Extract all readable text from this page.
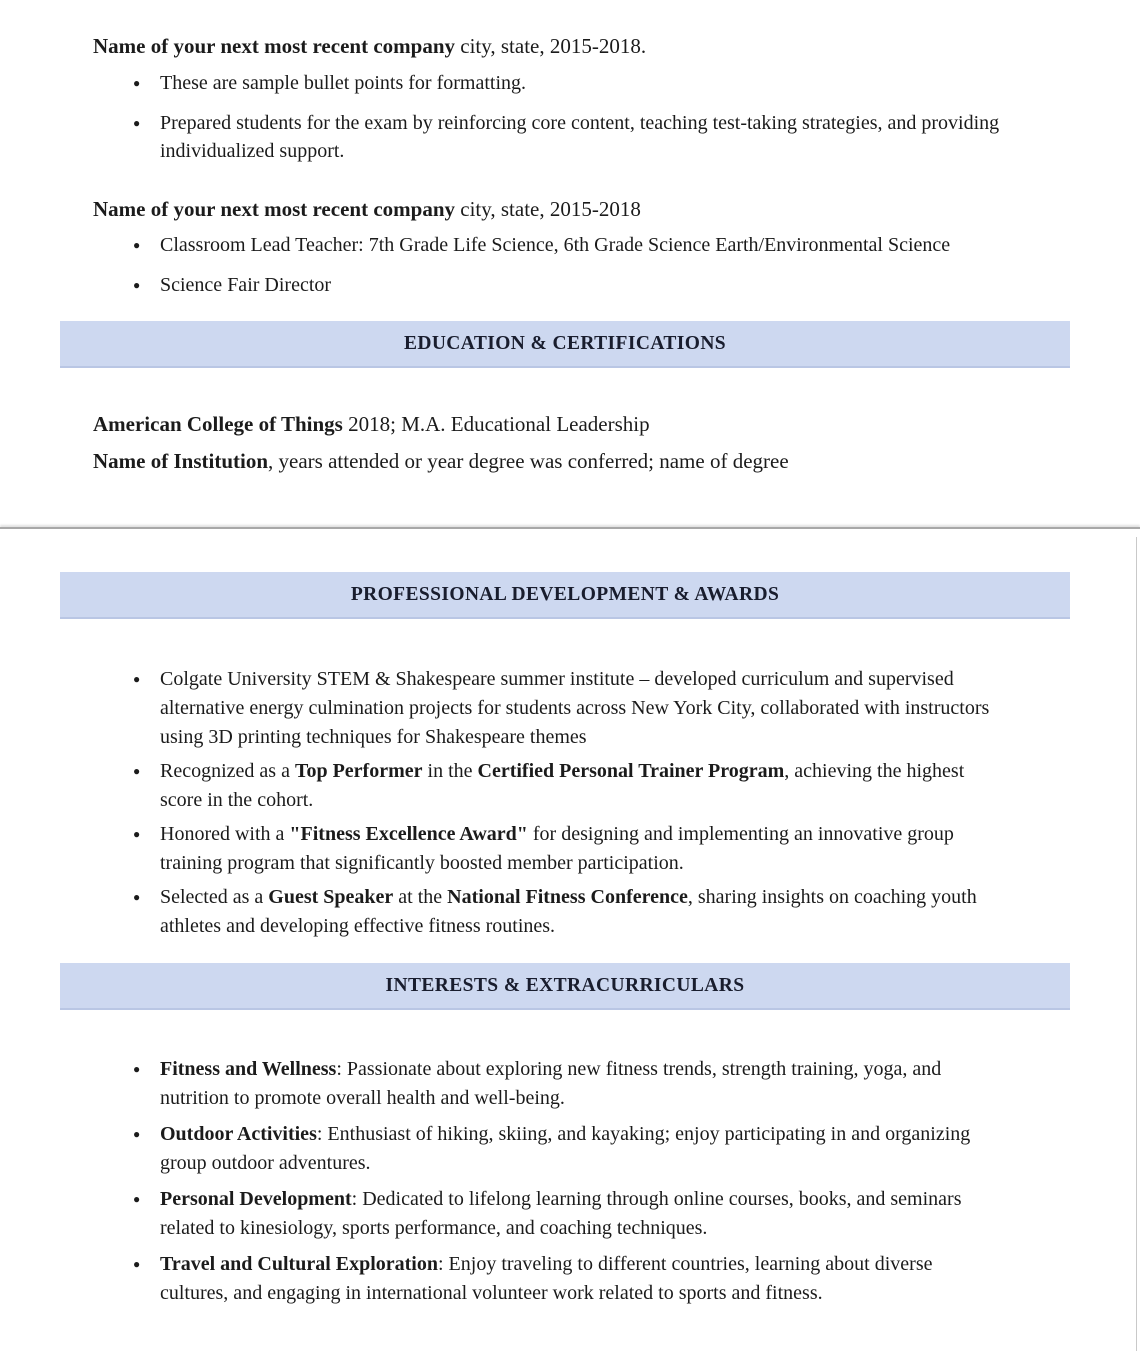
Name of your next most recent company city, state, 2015-2018.

● These are sample bullet points for formatting.
● Prepared students for the exam by reinforcing core content, teaching test-taking strategies, and providing individualized support.

Name of your next most recent company city, state, 2015-2018

● Classroom Lead Teacher: 7th Grade Life Science, 6th Grade Science Earth/Environmental Science
● Science Fair Director
EDUCATION & CERTIFICATIONS

American College of Things 2018; M.A. Educational Leadership

Name of Institution, years attended or year degree was conferred; name of degree

PROFESSIONAL DEVELOPMENT & AWARDS
● Colgate University STEM & Shakespeare summer institute – developed curriculum and supervised alternative energy culmination projects for students across New York City, collaborated with instructors using 3D printing techniques for Shakespeare themes
● Recognized as a Top Performer in the Certified Personal Trainer Program, achieving the highest score in the cohort.
● Honored with a "Fitness Excellence Award" for designing and implementing an innovative group training program that significantly boosted member participation.
● Selected as a Guest Speaker at the National Fitness Conference, sharing insights on coaching youth athletes and developing effective fitness routines.
INTERESTS & EXTRACURRICULARS
● Fitness and Wellness: Passionate about exploring new fitness trends, strength training, yoga, and nutrition to promote overall health and well-being.
● Outdoor Activities: Enthusiast of hiking, skiing, and kayaking; enjoy participating in and organizing group outdoor adventures.
● Personal Development: Dedicated to lifelong learning through online courses, books, and seminars related to kinesiology, sports performance, and coaching techniques.
● Travel and Cultural Exploration: Enjoy traveling to different countries, learning about diverse cultures, and engaging in international volunteer work related to sports and fitness.
